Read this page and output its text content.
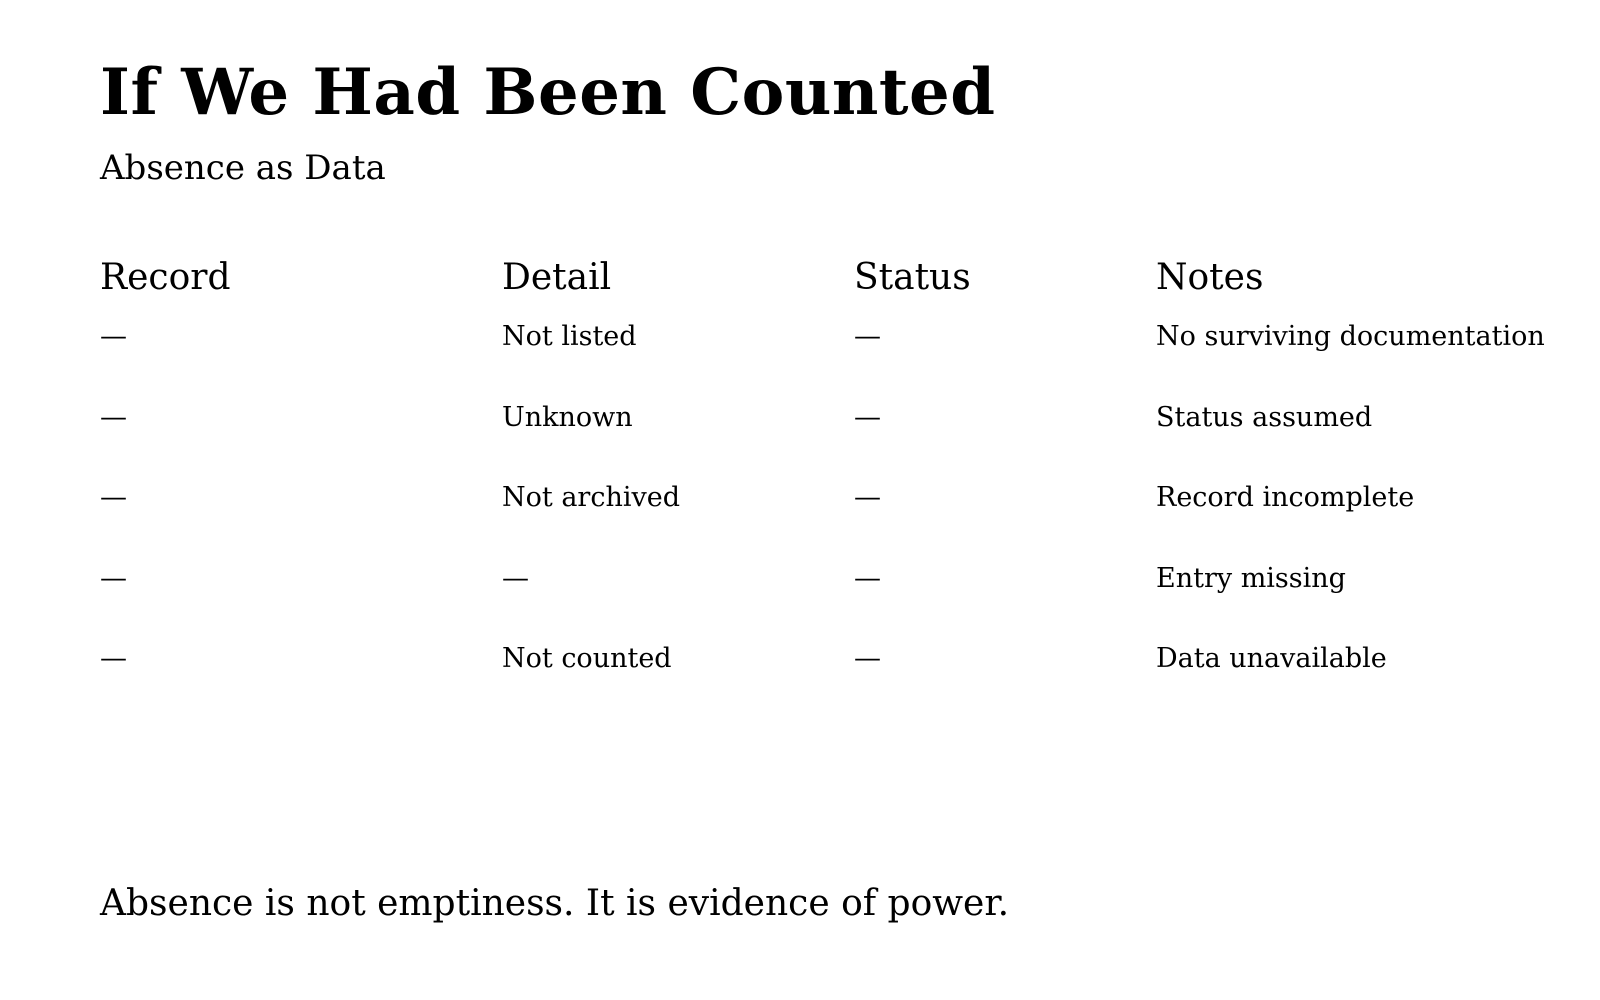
If We Had Been Counted
Absence as Data
Record	Detail	Status	Notes
—	Not listed	—	No surviving documentation
—	Unknown	—	Status assumed
—	Not archived	—	Record incomplete
—	—	—	Entry missing
—	Not counted	—	Data unavailable

Absence is not emptiness. It is evidence of power.
